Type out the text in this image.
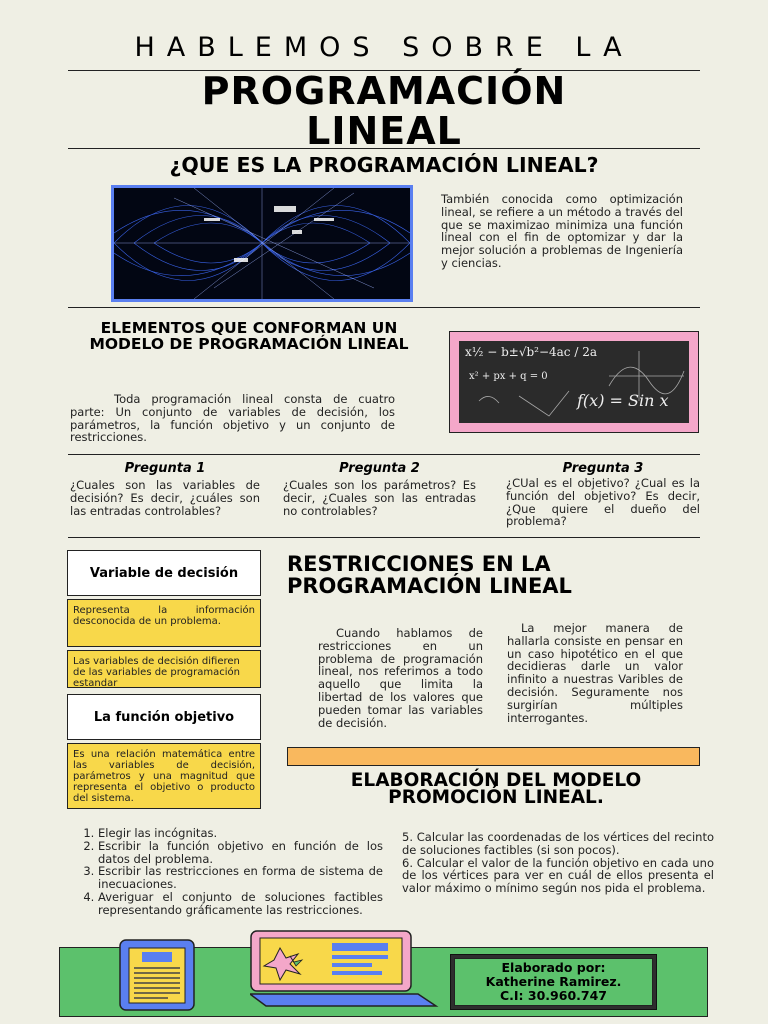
HABLEMOS SOBRE LA
PROGRAMACIÓN
LINEAL
¿QUE ES LA PROGRAMACIÓN LINEAL?
También conocida como optimización lineal, se refiere a un método a través del que se maximizao minimiza una función lineal con el fin de optomizar y dar la mejor solución a problemas de Ingeniería y ciencias.
ELEMENTOS QUE CONFORMAN UN MODELO DE PROGRAMACIÓN LINEAL
Toda programación lineal consta de cuatro parte: Un conjunto de variables de decisión, los parámetros, la función objetivo y un conjunto de restricciones.
x½ − b±√b²−4ac / 2a
x² + px + q = 0
f(x) = Sin x
Pregunta 1
¿Cuales son las variables de decisión? Es decir, ¿cuáles son las entradas controlables?
Pregunta 2
¿Cuales son los parámetros? Es decir, ¿Cuales son las entradas no controlables?
Pregunta 3
¿CUal es el objetivo? ¿Cual es la función del objetivo? Es decir, ¿Que quiere el dueño del problema?
Variable de decisión
Representa la información desconocida de un problema.
Las variables de decisión difieren de las variables de programación estandar
La función objetivo
Es una relación matemática entre las variables de decisión, parámetros y una magnitud que representa el objetivo o producto del sistema.
RESTRICCIONES EN LA PROGRAMACIÓN LINEAL
Cuando hablamos de restricciones en un problema de programación lineal, nos referimos a todo aquello que limita la libertad de los valores que pueden tomar las variables de decisión.
La mejor manera de hallarla consiste en pensar en un caso hipotético en el que decidieras darle un valor infinito a nuestras Varibles de decisión. Seguramente nos surgirían múltiples interrogantes.
ELABORACIÓN DEL MODELO PROMOCIÓN LINEAL.
1. Elegir las incógnitas.
2. Escribir la función objetivo en función de los datos del problema.
3. Escribir las restricciones en forma de sistema de inecuaciones.
4. Averiguar el conjunto de soluciones factibles representando gráficamente las restricciones.
5. Calcular las coordenadas de los vértices del recinto de soluciones factibles (si son pocos).
6. Calcular el valor de la función objetivo en cada uno de los vértices para ver en cuál de ellos presenta el valor máximo o mínimo según nos pida el problema.
Elaborado por:
Katherine Ramirez.
C.I: 30.960.747
